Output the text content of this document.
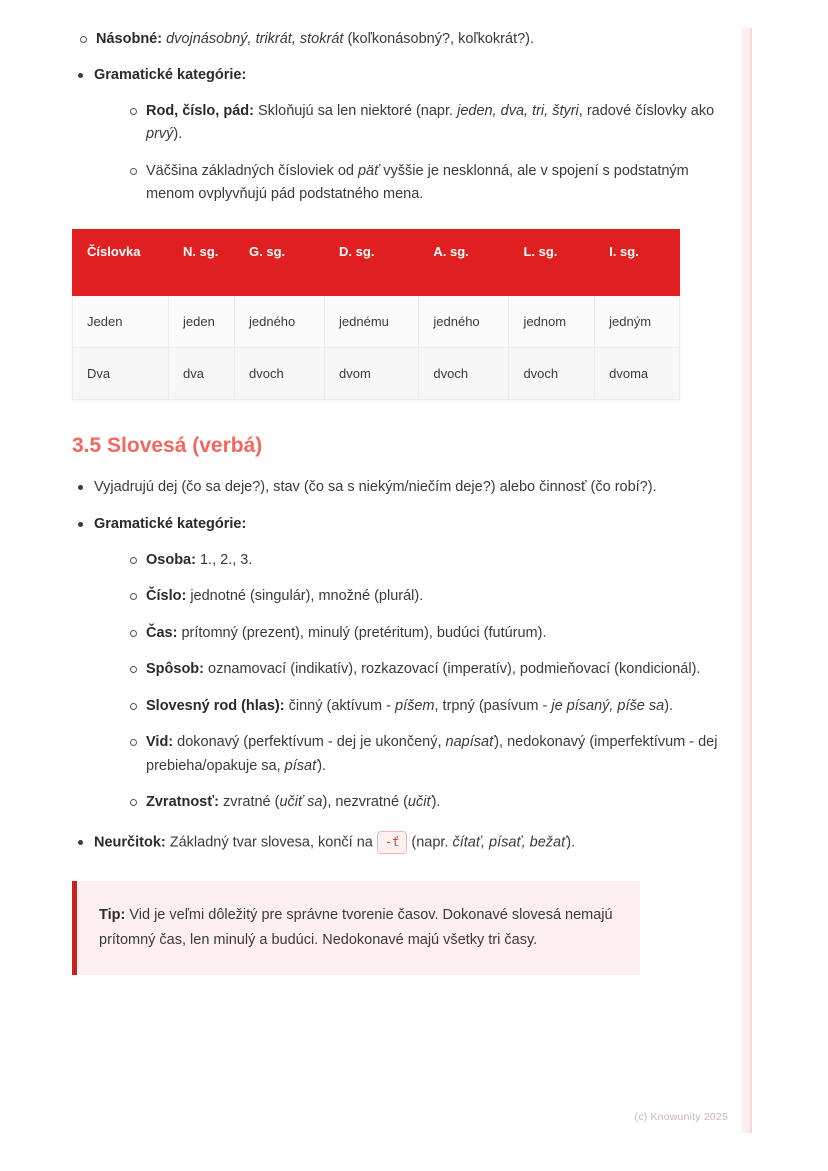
Násobné: dvojnásobný, trikrát, stokrát (koľkonásobný?, koľkokrát?).
Gramatické kategórie:
Rod, číslo, pád: Skloňujú sa len niektoré (napr. jeden, dva, tri, štyri, radové číslovky ako prvý).
Väčšina základných čísloviek od päť vyššie je nesklonná, ale v spojení s podstatným menom ovplyvňujú pád podstatného mena.
Číslovka	N. sg.	G. sg.	D. sg.	A. sg.	L. sg.	I. sg.
Jeden	jeden	jedného	jednému	jedného	jednom	jedným
Dva	dva	dvoch	dvom	dvoch	dvoch	dvoma
3.5 Slovesá (verbá)
Vyjadrujú dej (čo sa deje?), stav (čo sa s niekým/niečím deje?) alebo činnosť (čo robí?).
Gramatické kategórie:
Osoba: 1., 2., 3.
Číslo: jednotné (singulár), množné (plurál).
Čas: prítomný (prezent), minulý (pretéritum), budúci (futúrum).
Spôsob: oznamovací (indikatív), rozkazovací (imperatív), podmieňovací (kondicionál).
Slovesný rod (hlas): činný (aktívum - píšem, trpný (pasívum - je písaný, píše sa).
Vid: dokonavý (perfektívum - dej je ukončený, napísať), nedokonavý (imperfektívum - dej prebieha/opakuje sa, písať).
Zvratnosť: zvratné (učiť sa), nezvratné (učiť).
Neurčitok: Základný tvar slovesa, končí na -ť (napr. čítať, písať, bežať).
Tip: Vid je veľmi dôležitý pre správne tvorenie časov. Dokonavé slovesá nemajú prítomný čas, len minulý a budúci. Nedokonavé majú všetky tri časy.
(c) Knowunity 2025
